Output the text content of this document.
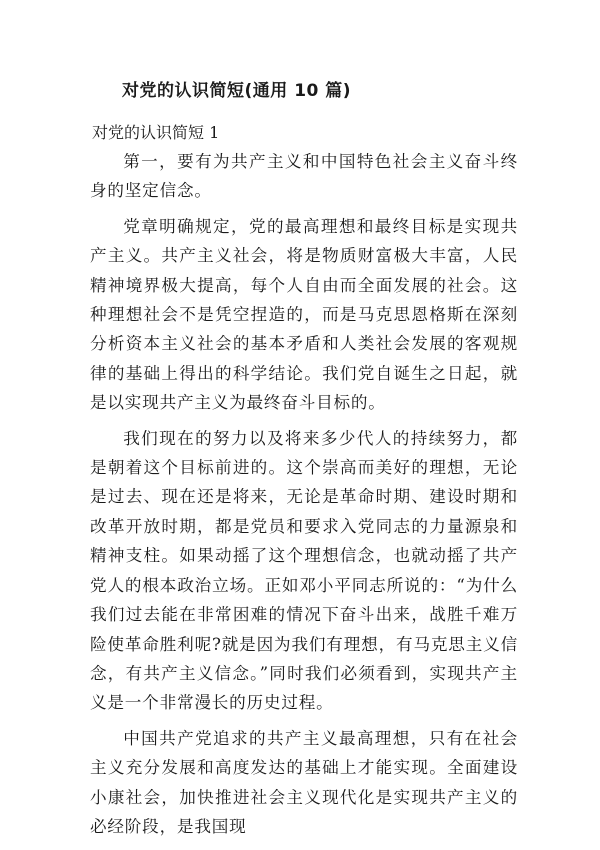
对党的认识简短(通用 10 篇)
对党的认识简短 1

第一，要有为共产主义和中国特色社会主义奋斗终身的坚定信念。

党章明确规定，党的最高理想和最终目标是实现共产主义。共产主义社会，将是物质财富极大丰富，人民精神境界极大提高，每个人自由而全面发展的社会。这种理想社会不是凭空捏造的，而是马克思恩格斯在深刻分析资本主义社会的基本矛盾和人类社会发展的客观规律的基础上得出的科学结论。我们党自诞生之日起，就是以实现共产主义为最终奋斗目标的。

我们现在的努力以及将来多少代人的持续努力，都是朝着这个目标前进的。这个崇高而美好的理想，无论是过去、现在还是将来，无论是革命时期、建设时期和改革开放时期，都是党员和要求入党同志的力量源泉和精神支柱。如果动摇了这个理想信念，也就动摇了共产党人的根本政治立场。正如邓小平同志所说的：“为什么我们过去能在非常困难的情况下奋斗出来，战胜千难万险使革命胜利呢?就是因为我们有理想，有马克思主义信念，有共产主义信念。”同时我们必须看到，实现共产主义是一个非常漫长的历史过程。

中国共产党追求的共产主义最高理想，只有在社会主义充分发展和高度发达的基础上才能实现。全面建设小康社会，加快推进社会主义现代化是实现共产主义的必经阶段，是我国现
